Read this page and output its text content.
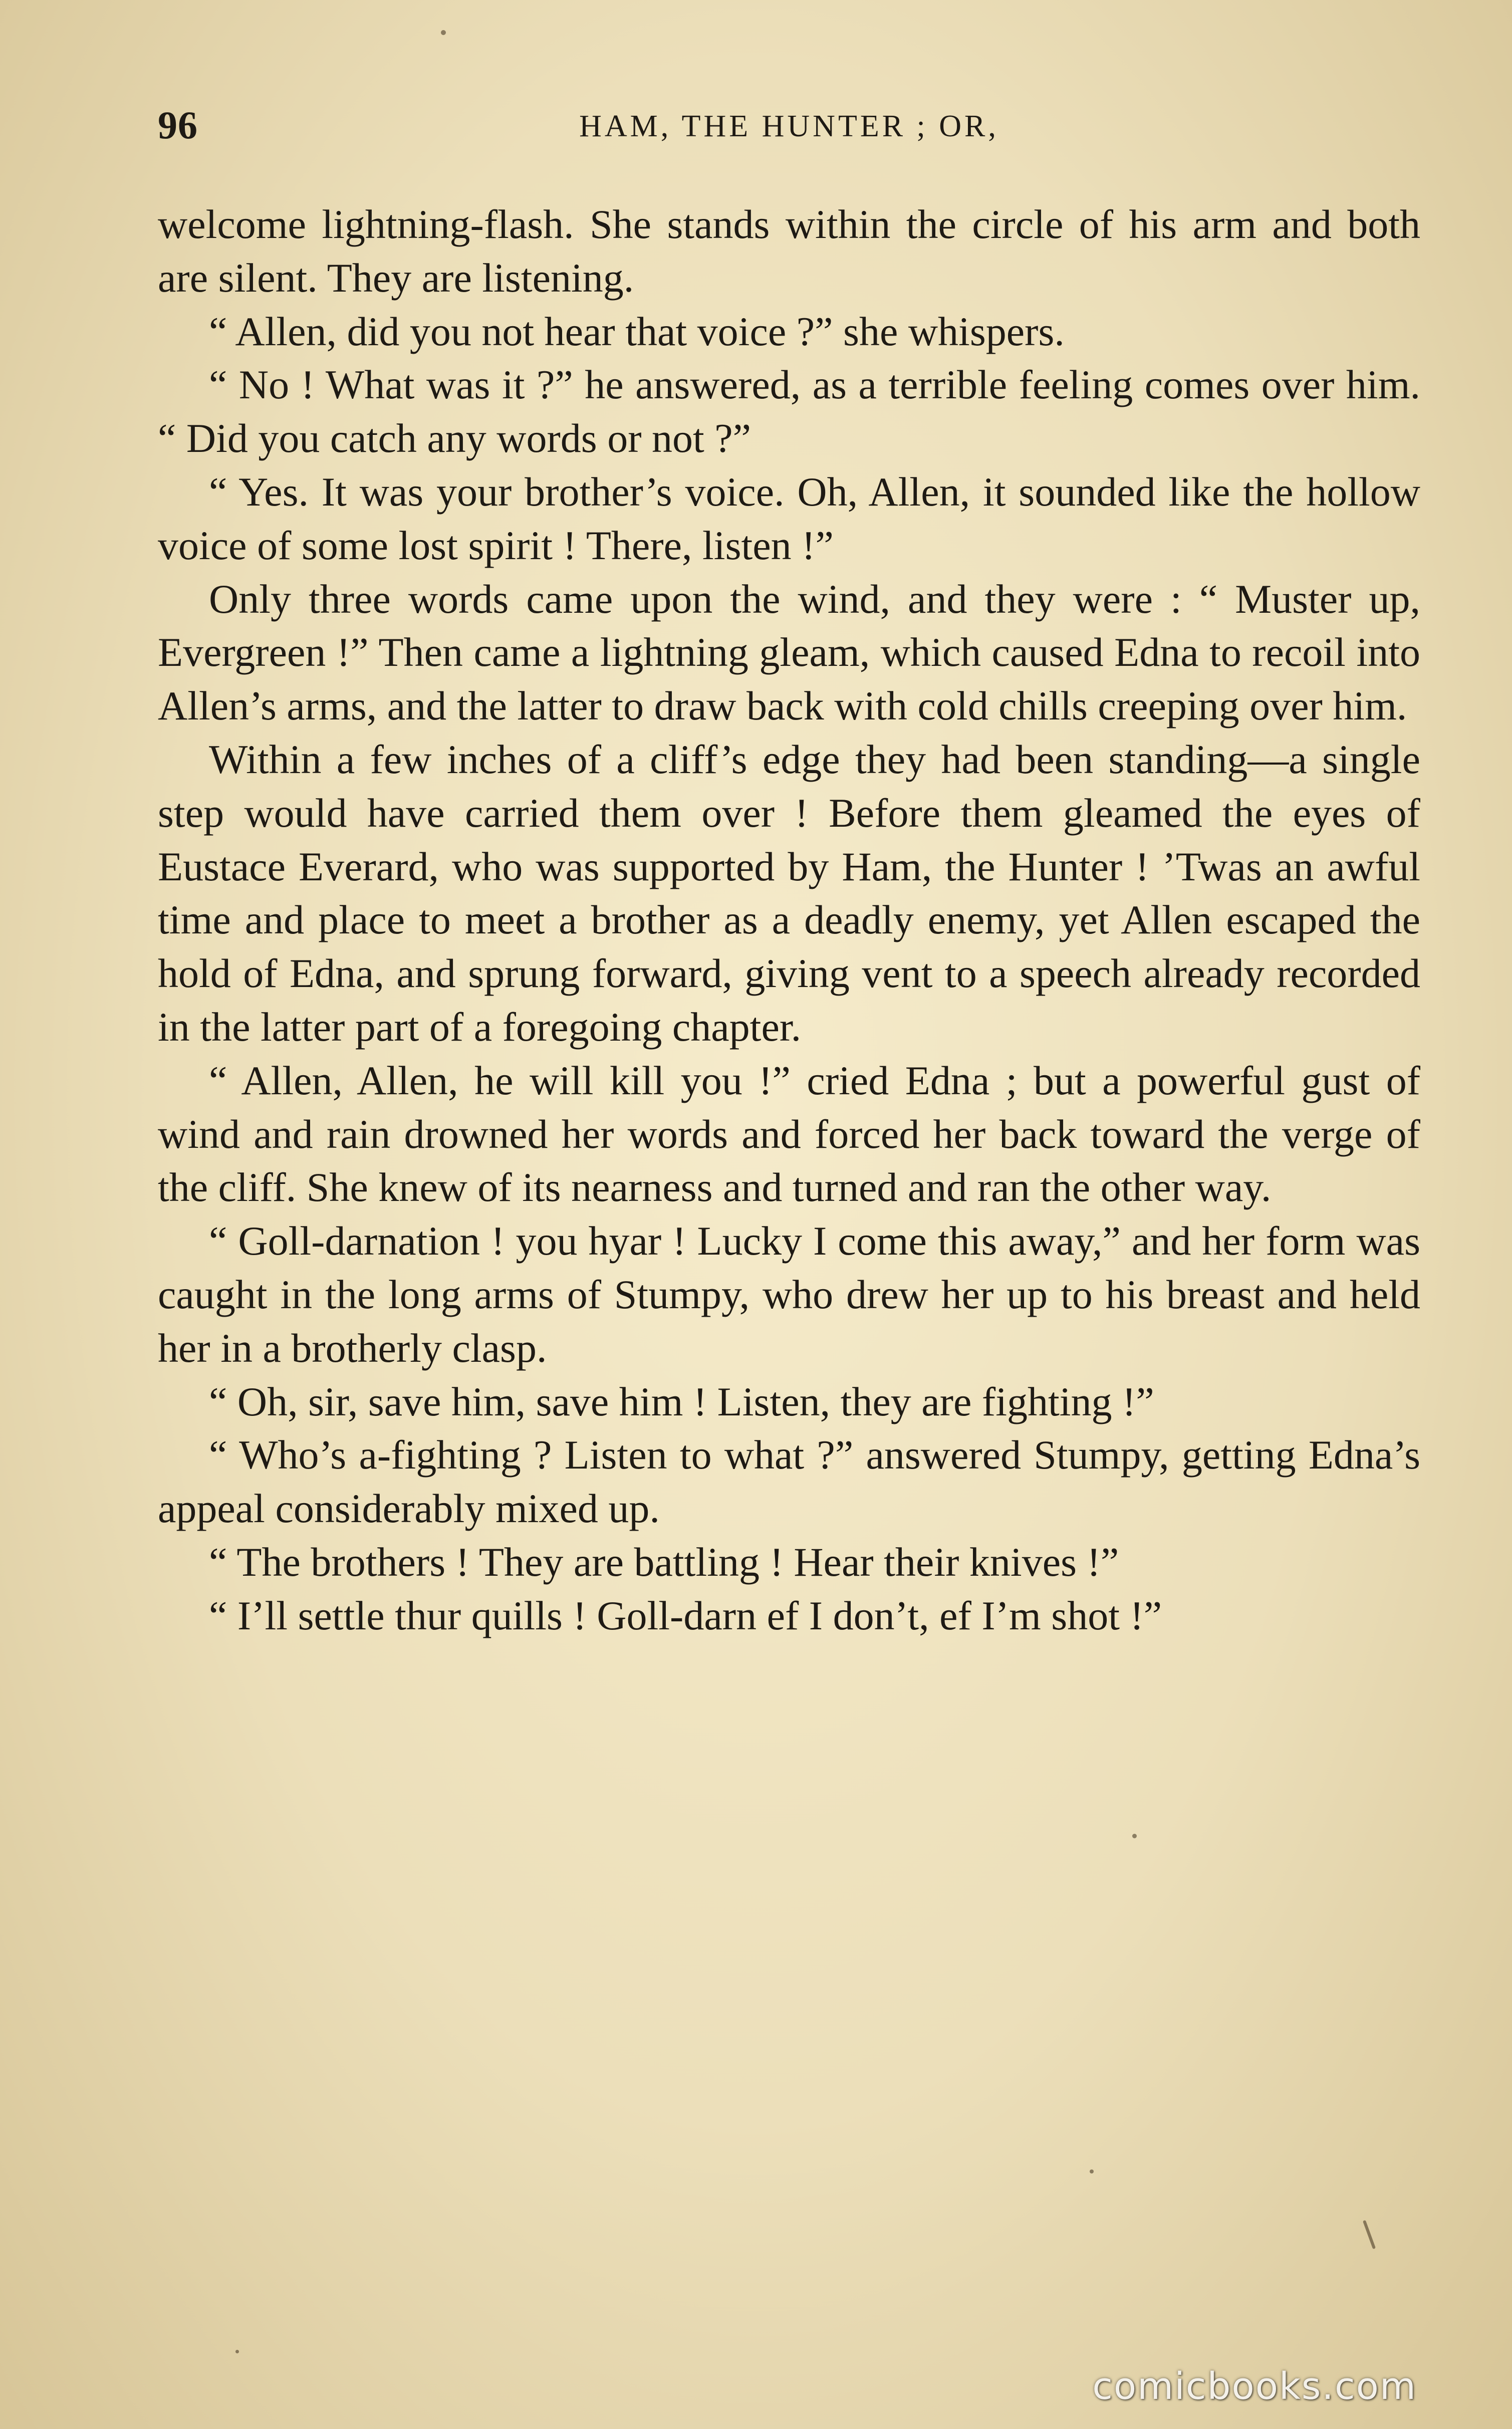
96	HAM, THE HUNTER ; OR,

welcome lightning-flash. She stands within the circle of his arm and both are silent. They are listening.

“ Allen, did you not hear that voice ?” she whispers.

“ No ! What was it ?” he answered, as a terrible feeling comes over him. “ Did you catch any words or not ?”

“ Yes. It was your brother’s voice. Oh, Allen, it sounded like the hollow voice of some lost spirit ! There, listen !”

Only three words came upon the wind, and they were : “ Muster up, Evergreen !” Then came a lightning gleam, which caused Edna to recoil into Allen’s arms, and the latter to draw back with cold chills creeping over him.

Within a few inches of a cliff’s edge they had been standing—a single step would have carried them over ! Before them gleamed the eyes of Eustace Everard, who was supported by Ham, the Hunter ! ’Twas an awful time and place to meet a brother as a deadly enemy, yet Allen escaped the hold of Edna, and sprung forward, giving vent to a speech already recorded in the latter part of a foregoing chapter.

“ Allen, Allen, he will kill you !” cried Edna ; but a powerful gust of wind and rain drowned her words and forced her back toward the verge of the cliff. She knew of its nearness and turned and ran the other way.

“ Goll-darnation ! you hyar ! Lucky I come this away,” and her form was caught in the long arms of Stumpy, who drew her up to his breast and held her in a brotherly clasp.

“ Oh, sir, save him, save him ! Listen, they are fighting !”

“ Who’s a-fighting ? Listen to what ?” answered Stumpy, getting Edna’s appeal considerably mixed up.

“ The brothers ! They are battling ! Hear their knives !”

“ I’ll settle thur quills ! Goll-darn ef I don’t, ef I’m shot !”

comicbooks.com
